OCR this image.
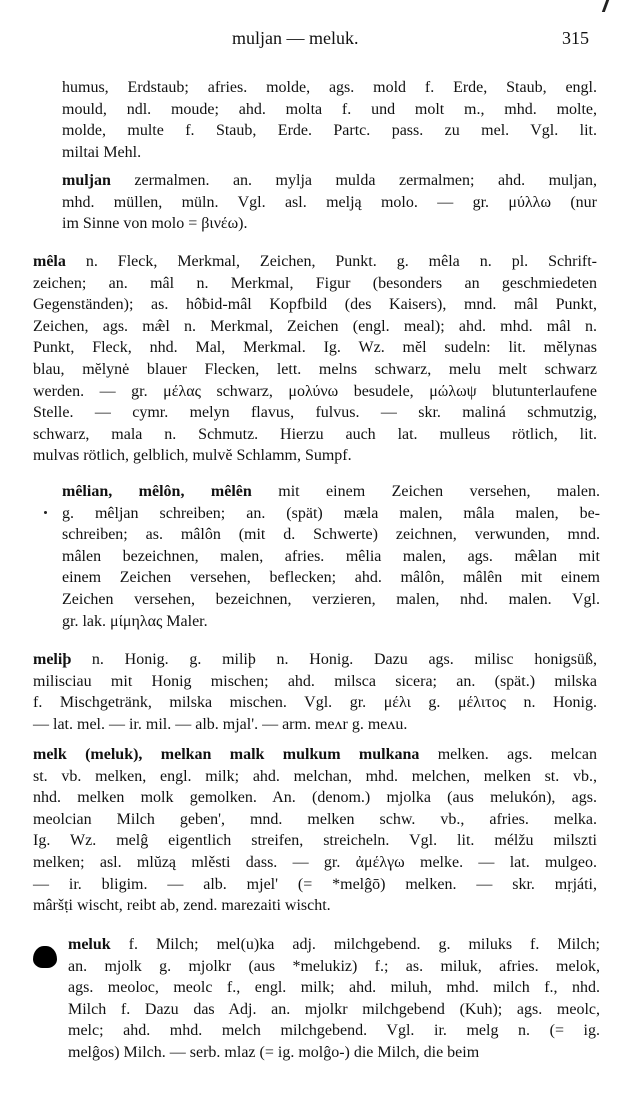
muljan — meluk.	315
humus, Erdstaub; afries. molde, ags. mold f. Erde, Staub, engl.
mould, ndl. moude; ahd. molta f. und molt m., mhd. molte,
molde, multe f. Staub, Erde. Partc. pass. zu mel. Vgl. lit.
miltai Mehl.
muljan zermalmen. an. mylja mulda zermalmen; ahd. muljan,
mhd. müllen, müln. Vgl. asl. melją molo. — gr. μύλλω (nur
im Sinne von molo = βινέω).
mêla n. Fleck, Merkmal, Zeichen, Punkt. g. mêla n. pl. Schrift-
zeichen; an. mâl n. Merkmal, Figur (besonders an geschmiedeten
Gegenständen); as. hôƀid-mâl Kopfbild (des Kaisers), mnd. mâl Punkt,
Zeichen, ags. mæ̂l n. Merkmal, Zeichen (engl. meal); ahd. mhd. mâl n.
Punkt, Fleck, nhd. Mal, Merkmal. Ig. Wz. mĕl sudeln: lit. mĕlynas
blau, mĕlynė blauer Flecken, lett. melns schwarz, melu melt schwarz
werden. — gr. μέλας schwarz, μολύνω besudele, μώλωψ blutunterlaufene
Stelle. — cymr. melyn flavus, fulvus. — skr. maliná schmutzig,
schwarz, mala n. Schmutz. Hierzu auch lat. mulleus rötlich, lit.
mulvas rötlich, gelblich, mulvĕ Schlamm, Sumpf.
mêlian, mêlôn, mêlên mit einem Zeichen versehen, malen.
g. mêljan schreiben; an. (spät) mæla malen, mâla malen, be-
schreiben; as. mâlôn (mit d. Schwerte) zeichnen, verwunden, mnd.
mâlen bezeichnen, malen, afries. mêlia malen, ags. mæ̂lan mit
einem Zeichen versehen, beflecken; ahd. mâlôn, mâlên mit einem
Zeichen versehen, bezeichnen, verzieren, malen, nhd. malen. Vgl.
gr. lak. μίμηλας Maler.
meliþ n. Honig. g. miliþ n. Honig. Dazu ags. milisc honigsüß,
milisciau mit Honig mischen; ahd. milsca sicera; an. (spät.) milska
f. Mischgetränk, milska mischen. Vgl. gr. μέλι g. μέλιτος n. Honig.
— lat. mel. — ir. mil. — alb. mjal'. — arm. meʌr g. meʌu.
melk (meluk), melkan malk mulkum mulkana melken. ags. melcan
st. vb. melken, engl. milk; ahd. melchan, mhd. melchen, melken st. vb.,
nhd. melken molk gemolken. An. (denom.) mjolka (aus melukón), ags.
meolcian Milch geben', mnd. melken schw. vb., afries. melka.
Ig. Wz. melĝ eigentlich streifen, streicheln. Vgl. lit. mélžu milszti
melken; asl. mlŭzą mlěsti dass. — gr. ἀμέλγω melke. — lat. mulgeo.
— ir. bligim. — alb. mjel' (= *melĝō) melken. — skr. mṛjáti,
mâršṭi wischt, reibt ab, zend. marezaiti wischt.
meluk f. Milch; mel(u)ka adj. milchgebend. g. miluks f. Milch;
an. mjolk g. mjolkr (aus *melukiz) f.; as. miluk, afries. melok,
ags. meoloc, meolc f., engl. milk; ahd. miluh, mhd. milch f., nhd.
Milch f. Dazu das Adj. an. mjolkr milchgebend (Kuh); ags. meolc,
melc; ahd. mhd. melch milchgebend. Vgl. ir. melg n. (= ig.
melĝos) Milch. — serb. mlaz (= ig. molĝo-) die Milch, die beim
